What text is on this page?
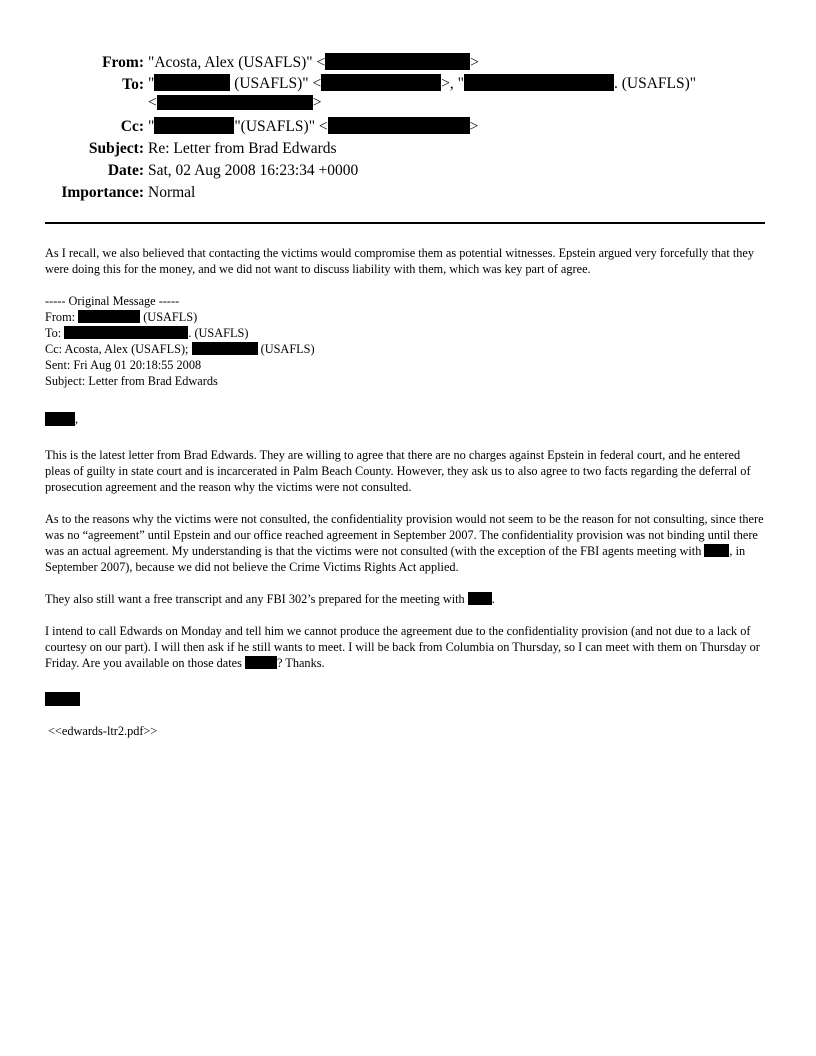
From: "Acosta, Alex (USAFLS)" <	>
To: "	(USAFLS)" <	>, "	. (USAFLS)"
<	>
Cc: "	"(USAFLS)" <	>
Subject: Re: Letter from Brad Edwards
Date: Sat, 02 Aug 2008 16:23:34 +0000
Importance: Normal

As I recall, we also believed that contacting the victims would compromise them as potential witnesses. Epstein argued very forcefully that they were doing this for the money, and we did not want to discuss liability with them, which was key part of agree.

----- Original Message -----
From:	(USAFLS)
To:	. (USAFLS)
Cc: Acosta, Alex (USAFLS);	(USAFLS)
Sent: Fri Aug 01 20:18:55 2008
Subject: Letter from Brad Edwards

,

This is the latest letter from Brad Edwards. They are willing to agree that there are no charges against Epstein in federal court, and he entered pleas of guilty in state court and is incarcerated in Palm Beach County. However, they ask us to also agree to two facts regarding the deferral of prosecution agreement and the reason why the victims were not consulted.

As to the reasons why the victims were not consulted, the confidentiality provision would not seem to be the reason for not consulting, since there was no “agreement” until Epstein and our office reached agreement in September 2007. The confidentiality provision was not binding until there was an actual agreement. My understanding is that the victims were not consulted (with the exception of the FBI agents meeting with , in September 2007), because we did not believe the Crime Victims Rights Act applied.

They also still want a free transcript and any FBI 302’s prepared for the meeting with .

I intend to call Edwards on Monday and tell him we cannot produce the agreement due to the confidentiality provision (and not due to a lack of courtesy on our part). I will then ask if he still wants to meet. I will be back from Columbia on Thursday, so I can meet with them on Thursday or Friday. Are you available on those dates	? Thanks.

<<edwards-ltr2.pdf>>
